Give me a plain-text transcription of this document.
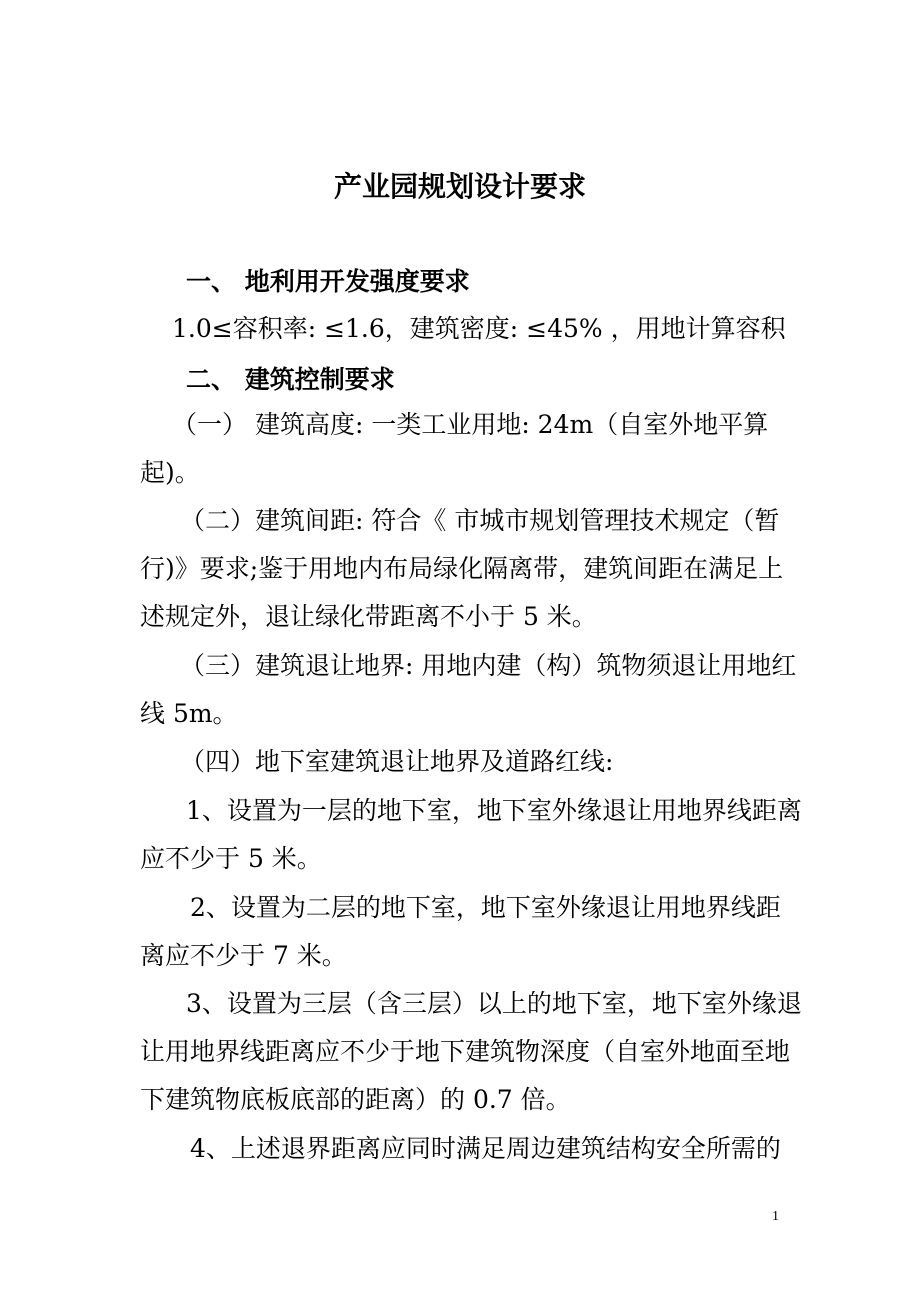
产业园规划设计要求
一、 地利用开发强度要求
1.0≤容积率: ≤1.6，建筑密度: ≤45% ，用地计算容积
二、 建筑控制要求
（一） 建筑高度: 一类工业用地: 24m（自室外地平算
起)。
（二）建筑间距: 符合《 市城市规划管理技术规定（暂
行)》要求;鉴于用地内布局绿化隔离带，建筑间距在满足上
述规定外，退让绿化带距离不小于 5 米。
（三）建筑退让地界: 用地内建（构）筑物须退让用地红
线 5m。
（四）地下室建筑退让地界及道路红线:
1、设置为一层的地下室，地下室外缘退让用地界线距离
应不少于 5 米。
2、设置为二层的地下室，地下室外缘退让用地界线距
离应不少于 7 米。
3、设置为三层（含三层）以上的地下室，地下室外缘退
让用地界线距离应不少于地下建筑物深度（自室外地面至地
下建筑物底板底部的距离）的 0.7 倍。
4、上述退界距离应同时满足周边建筑结构安全所需的
1
